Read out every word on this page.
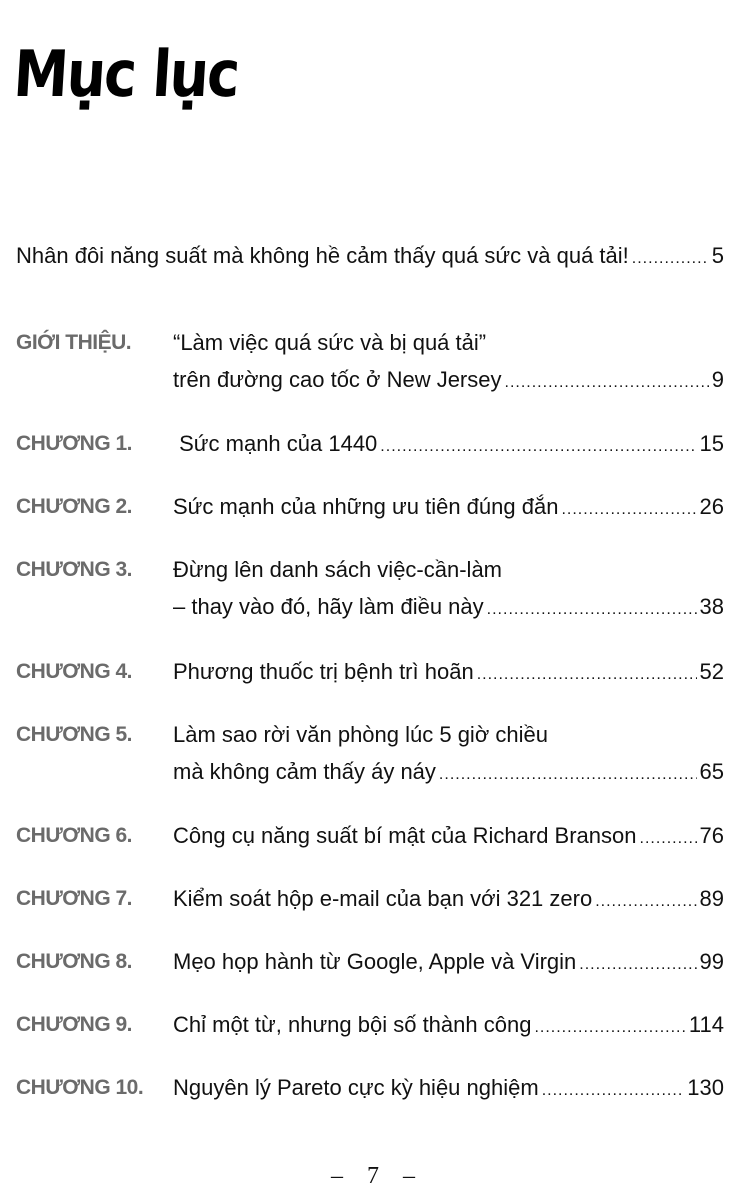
Mục lục
Nhân đôi năng suất mà không hề cảm thấy quá sức và quá tải! .....	5
GIỚI THIỆU. “Làm việc quá sức và bị quá tải”
trên đường cao tốc ở New Jersey .....	9
CHƯƠNG 1. Sức mạnh của 1440 .....	15
CHƯƠNG 2. Sức mạnh của những ưu tiên đúng đắn .....	26
CHƯƠNG 3. Đừng lên danh sách việc-cần-làm
– thay vào đó, hãy làm điều này .....	38
CHƯƠNG 4. Phương thuốc trị bệnh trì hoãn .....	52
CHƯƠNG 5. Làm sao rời văn phòng lúc 5 giờ chiều
mà không cảm thấy áy náy .....	65
CHƯƠNG 6. Công cụ năng suất bí mật của Richard Branson .....	76
CHƯƠNG 7. Kiểm soát hộp e-mail của bạn với 321 zero .....	89
CHƯƠNG 8. Mẹo họp hành từ Google, Apple và Virgin .....	99
CHƯƠNG 9. Chỉ một từ, nhưng bội số thành công .....	114
CHƯƠNG 10. Nguyên lý Pareto cực kỳ hiệu nghiệm .....	130
– 7 –
